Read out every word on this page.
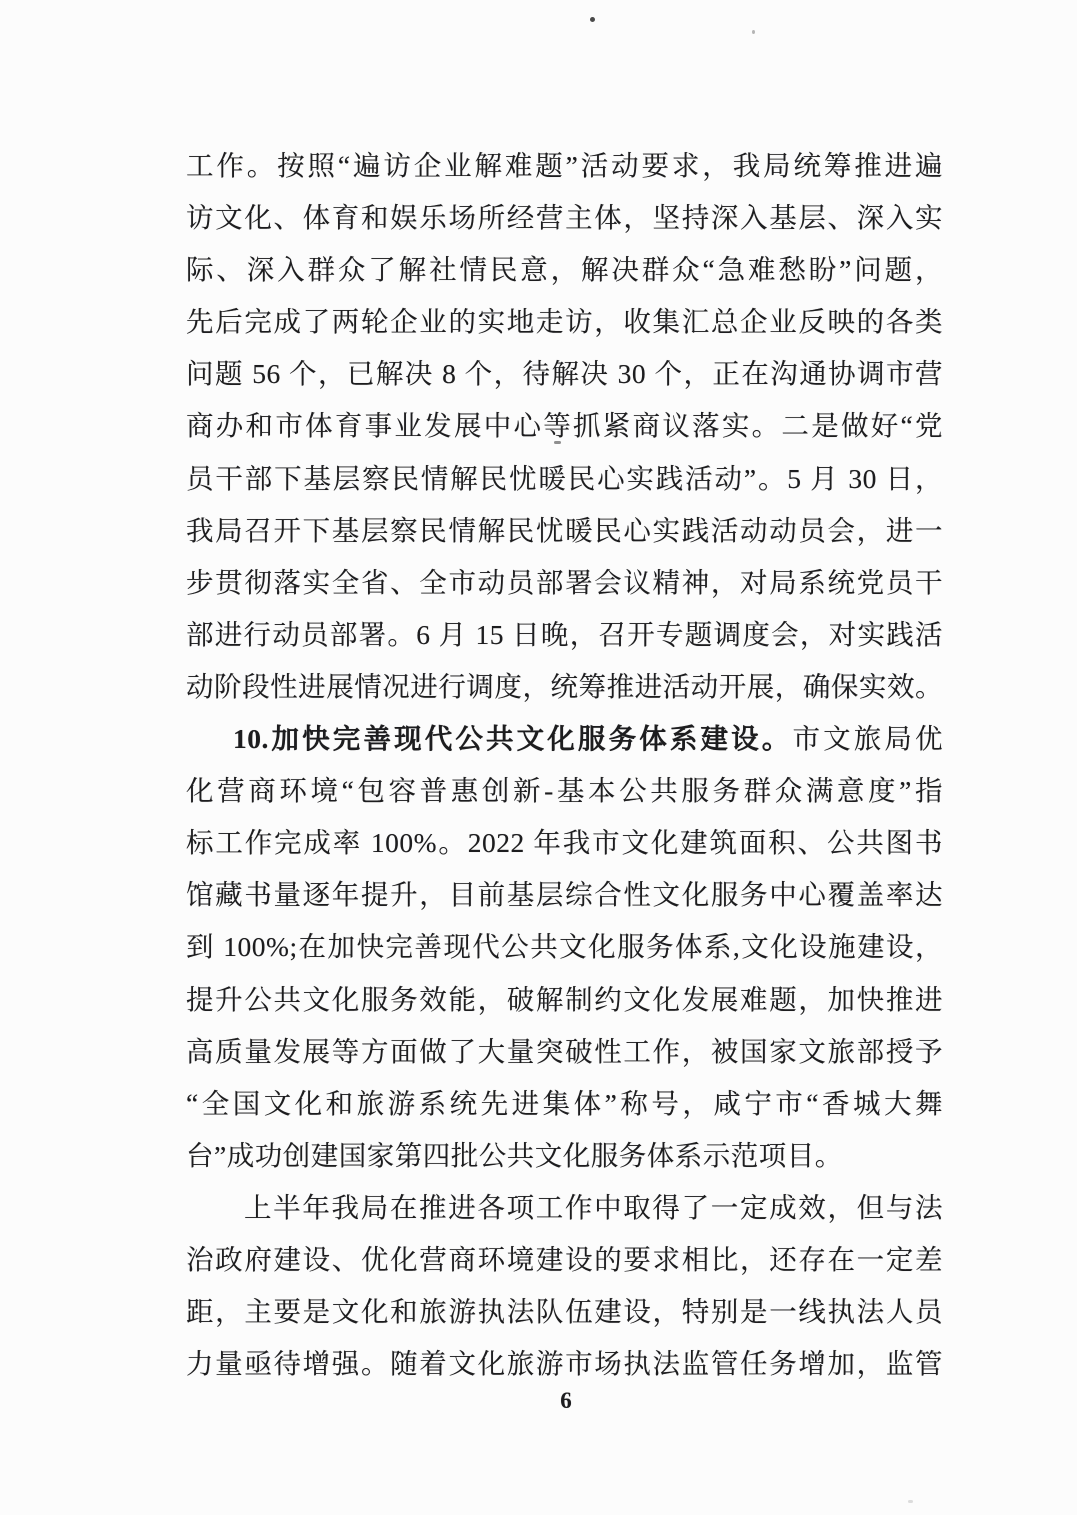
工作。按照“遍访企业解难题”活动要求，我局统筹推进遍
访文化、体育和娱乐场所经营主体，坚持深入基层、深入实
际、深入群众了解社情民意，解决群众“急难愁盼”问题，
先后完成了两轮企业的实地走访，收集汇总企业反映的各类
问题 56 个，已解决 8 个，待解决 30 个，正在沟通协调市营
商办和市体育事业发展中心等抓紧商议落实。二是做好“党
员干部下基层察民情解民忧暖民心实践活动”。5 月 30 日，
我局召开下基层察民情解民忧暖民心实践活动动员会，进一
步贯彻落实全省、全市动员部署会议精神，对局系统党员干
部进行动员部署。6 月 15 日晚，召开专题调度会，对实践活
动阶段性进展情况进行调度，统筹推进活动开展，确保实效。
10.加快完善现代公共文化服务体系建设。市文旅局优
化营商环境“包容普惠创新-基本公共服务群众满意度”指
标工作完成率 100%。2022 年我市文化建筑面积、公共图书
馆藏书量逐年提升，目前基层综合性文化服务中心覆盖率达
到 100%;在加快完善现代公共文化服务体系,文化设施建设，
提升公共文化服务效能，破解制约文化发展难题，加快推进
高质量发展等方面做了大量突破性工作，被国家文旅部授予
“全国文化和旅游系统先进集体”称号，咸宁市“香城大舞
台”成功创建国家第四批公共文化服务体系示范项目。
上半年我局在推进各项工作中取得了一定成效，但与法
治政府建设、优化营商环境建设的要求相比，还存在一定差
距，主要是文化和旅游执法队伍建设，特别是一线执法人员
力量亟待增强。随着文化旅游市场执法监管任务增加，监管
6
